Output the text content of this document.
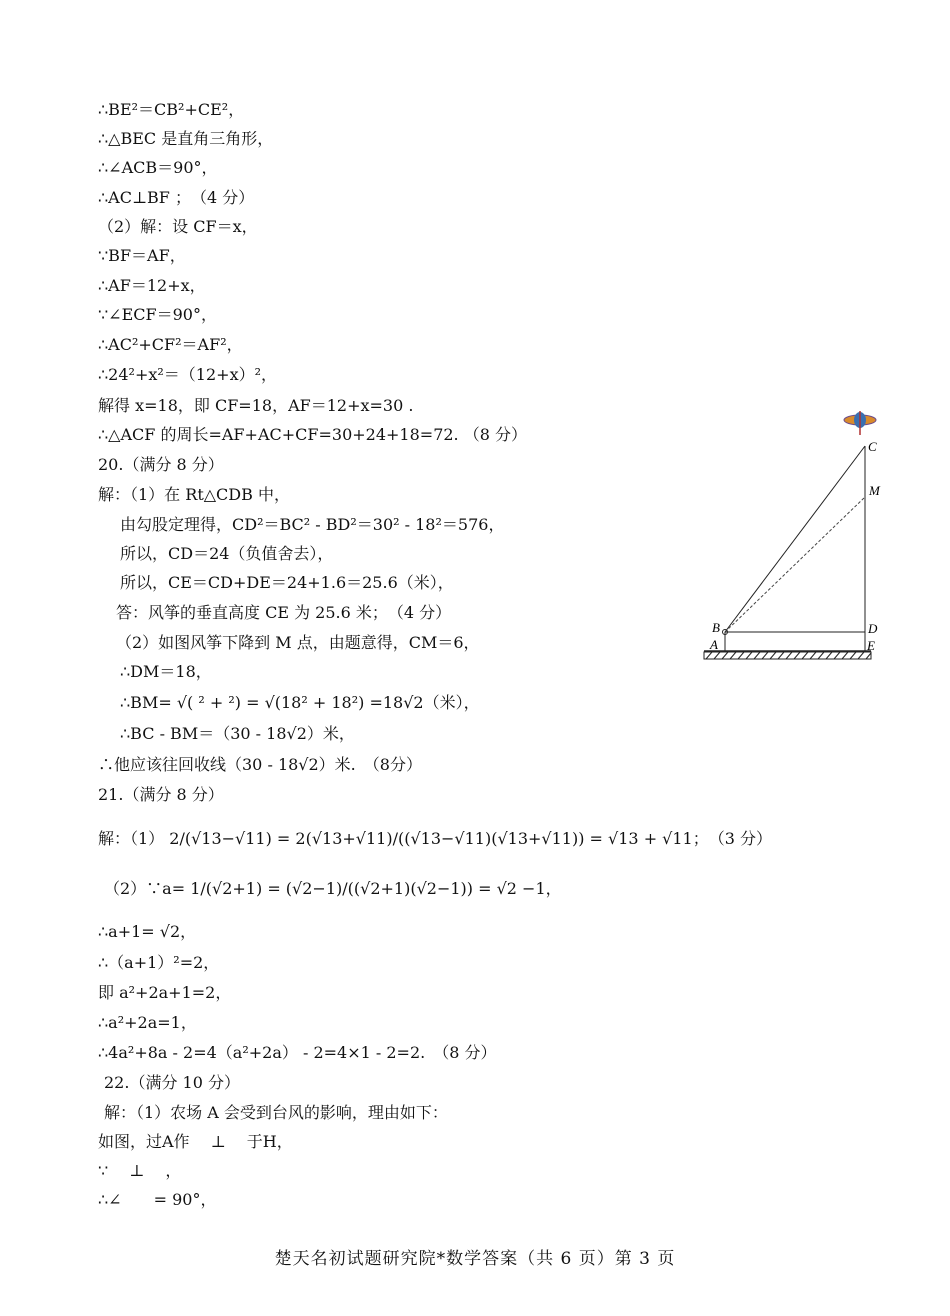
∴BE²＝CB²+CE²，
∴△BEC 是直角三角形，
∴∠ACB＝90°，
∴AC⊥BF ；　（4 分）
（2）解：设 CF＝x，
∵BF＝AF，
∴AF＝12+x，
∵∠ECF＝90°，
∴AC²+CF²＝AF²，
∴24²+x²＝（12+x）²，
解得 x=18，即 CF=18，AF＝12+x=30 .
∴△ACF 的周长=AF+AC+CF=30+24+18=72. （8 分）
20.（满分 8 分）
解：（1）在 Rt△CDB 中，
由勾股定理得，CD²＝BC² - BD²＝30² - 18²＝576，
所以，CD＝24（负值舍去），
所以，CE＝CD+DE＝24+1.6＝25.6（米），
答：风筝的垂直高度 CE 为 25.6 米；　（4 分）
（2）如图风筝下降到 M 点，由题意得，CM＝6，
∴DM＝18，
∴BM= √( ² + ²) = √(18² + 18²) =18√2（米），
∴BC - BM＝（30 - 18√2）米，
∴他应该往回收线（30 - 18√2）米.　（8分）
21.（满分 8 分）
解：（1） 2/(√13−√11) = 2(√13+√11)/((√13−√11)(√13+√11)) = √13 + √11；　（3 分）
（2）∵a= 1/(√2+1) = (√2−1)/((√2+1)(√2−1)) = √2 −1，
∴a+1= √2，
∴（a+1）²=2，
即 a²+2a+1=2，
∴a²+2a=1，
∴4a²+8a - 2=4（a²+2a） - 2=4×1 - 2=2.　（8 分）
22.（满分 10 分）
解：（1）农场 A 会受到台风的影响，理由如下：
如图，过A作　 ⊥　 于H，
∵　 ⊥　 ，
∴∠　　= 90°，
C
M
B	D
A	E
楚天名初试题研究院*数学答案（共 6 页）第 3 页
